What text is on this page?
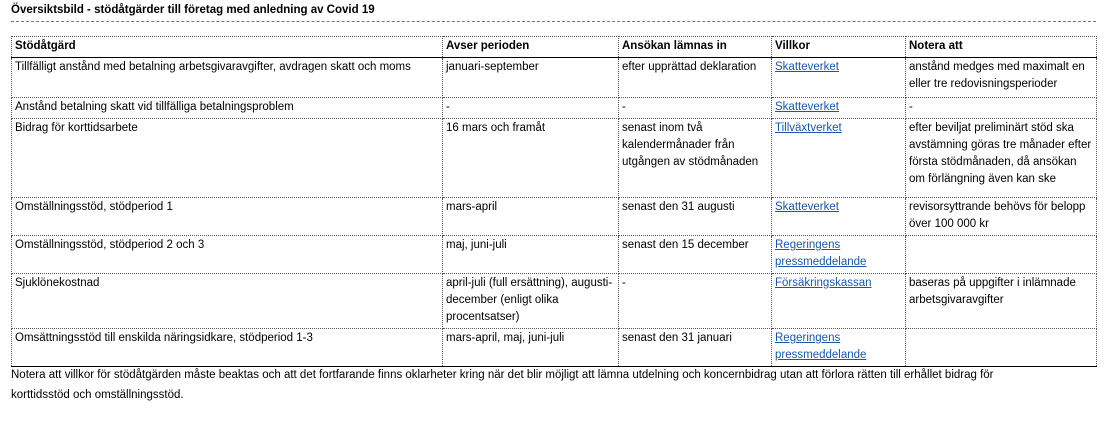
Översiktsbild - stödåtgärder till företag med anledning av Covid 19
Stödåtgärd	Avser perioden	Ansökan lämnas in	Villkor	Notera att
Tillfälligt anstånd med betalning arbetsgivaravgifter, avdragen skatt och moms	januari-september	efter upprättad deklaration	Skatteverket	anstånd medges med maximalt en eller tre redovisningsperioder
Anstånd betalning skatt vid tillfälliga betalningsproblem	-	-	Skatteverket	-
Bidrag för korttidsarbete	16 mars och framåt	senast inom två kalendermånader från utgången av stödmånaden	Tillväxtverket	efter beviljat preliminärt stöd ska avstämning göras tre månader efter första stödmånaden, då ansökan om förlängning även kan ske
Omställningsstöd, stödperiod 1	mars-april	senast den 31 augusti	Skatteverket	revisorsyttrande behövs för belopp över 100 000 kr
Omställningsstöd, stödperiod 2 och 3	maj, juni-juli	senast den 15 december	Regeringens pressmeddelande	
Sjuklönekostnad	april-juli (full ersättning), augusti-december (enligt olika procentsatser)	-	Försäkringskassan	baseras på uppgifter i inlämnade arbetsgivaravgifter
Omsättningsstöd till enskilda näringsidkare, stödperiod 1-3	mars-april, maj, juni-juli	senast den 31 januari	Regeringens pressmeddelande	
Notera att villkor för stödåtgärden måste beaktas och att det fortfarande finns oklarheter kring när det blir möjligt att lämna utdelning och koncernbidrag utan att förlora rätten till erhållet bidrag för korttidsstöd och omställningsstöd.
